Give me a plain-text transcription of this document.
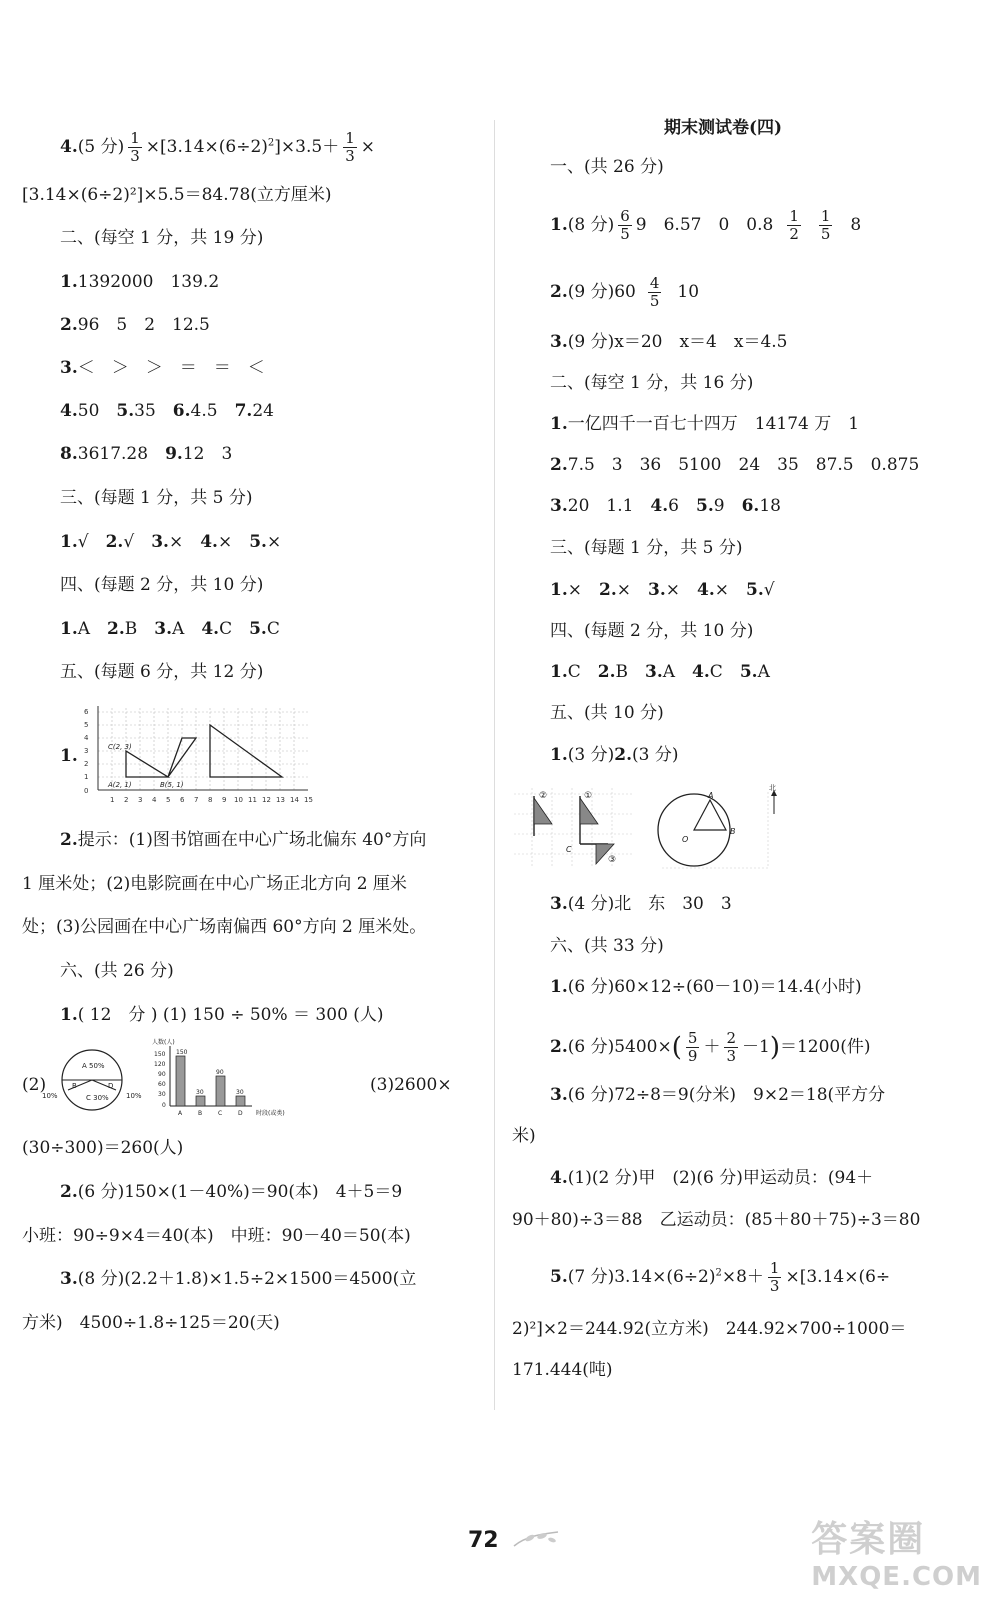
4.(5 分) $\frac{1}{3} \times[3.14\times(6\div 2)^2]\times 3.5+ \frac{1}{3}$ ×
[3.14×(6÷2)²]×5.5＝84.78(立方厘米)
二、(每空 1 分，共 19 分)
1.1392000　139.2
2.96　5　2　12.5
3.＜　＞　＞　＝　＝　＜
4.50　5.35　6.4.5　7.24
8.3617.28　9.12　3
三、(每题 1 分，共 5 分)
1.√　2.√　3.×　4.×　5.×
四、(每题 2 分，共 10 分)
1.A　2.B　3.A　4.C　5.C
五、(每题 6 分，共 12 分)
1.
6
5
4
3
2
1
0
1 2 3 4 5 6 7 8 9 10 11 12 13 14 15
C(2, 3)
A(2, 1)	B(5, 1)
2.提示：(1)图书馆画在中心广场北偏东 40°方向
1 厘米处；(2)电影院画在中心广场正北方向 2 厘米
处；(3)公园画在中心广场南偏西 60°方向 2 厘米处。
六、(共 26 分)
1.( 12　分 ) (1) 150 ÷ 50% ＝ 300 (人)
(2)
A 50%
B
C 30%
D
10%	10%
人数(人)
150
120
90
60
30
0
150
30
90
30
A	B	C	D 时段(或类)
(3)2600×
(30÷300)＝260(人)
2.(6 分)150×(1－40%)＝90(本)　4＋5＝9
小班：90÷9×4＝40(本)　中班：90－40＝50(本)
3.(8 分)(2.2＋1.8)×1.5÷2×1500＝4500(立
方米)　4500÷1.8÷125＝20(天)
期末测试卷(四)
一、(共 26 分)
1.(8 分) $\frac{6}{5} 9$　6.57　0　$0.8 \frac{1}{2} \frac{1}{5} 8$
2.(9 分)$60 \frac{4}{5} 10$
3.(9 分)x＝20　x＝4　x＝4.5
二、(每空 1 分，共 16 分)
1.一亿四千一百七十四万　14174 万　1
2.7.5　3　36　5100　24　35　87.5　0.875
3.20　1.1　4.6　5.9　6.18
三、(每题 1 分，共 5 分)
1.×　2.×　3.×　4.×　5.√
四、(每题 2 分，共 10 分)
1.C　2.B　3.A　4.C　5.A
五、(共 10 分)
1.(3 分)2.(3 分)
②	①
C
③
A
B
O
北
3.(4 分)北　东　30　3
六、(共 33 分)
1.(6 分)60×12÷(60－10)＝14.4(小时)
2.(6 分)$5400\times( \frac{5}{9} + \frac{2}{3} -1)=1200$(件)
3.(6 分)72÷8＝9(分米)　9×2＝18(平方分
米)
4.(1)(2 分)甲　(2)(6 分)甲运动员：(94＋
90＋80)÷3＝88　乙运动员：(85＋80＋75)÷3＝80
5.(7 分)$3.14\times(6\div 2)^2\times 8+ \frac{1}{3} \times[3.14\times(6\div$
2)²]×2＝244.92(立方米)　244.92×700÷1000＝
171.444(吨)
72	答案圈
MXQE.COM
